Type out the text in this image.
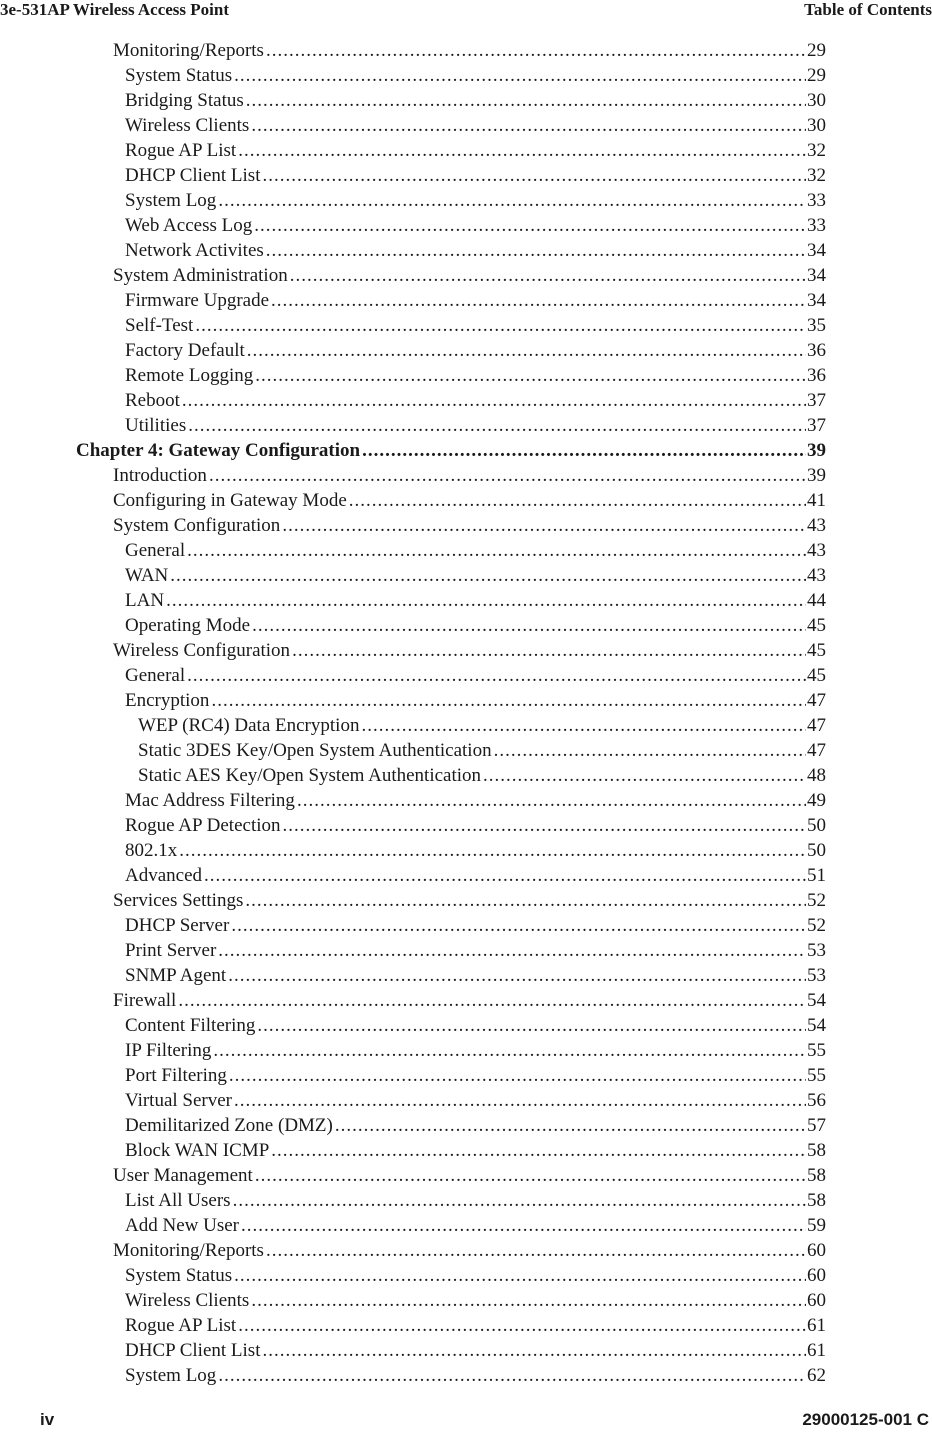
3e-531AP Wireless Access Point	Table of Contents
Monitoring/Reports .....	29
System Status .....	29
Bridging Status .....	30
Wireless Clients .....	30
Rogue AP List .....	32
DHCP Client List .....	32
System Log .....	33
Web Access Log .....	33
Network Activites .....	34
System Administration .....	34
Firmware Upgrade .....	34
Self-Test .....	35
Factory Default .....	36
Remote Logging .....	36
Reboot .....	37
Utilities .....	37
Chapter 4: Gateway Configuration .....	39
Introduction .....	39
Configuring in Gateway Mode .....	41
System Configuration .....	43
General .....	43
WAN .....	43
LAN .....	44
Operating Mode .....	45
Wireless Configuration .....	45
General .....	45
Encryption .....	47
WEP (RC4) Data Encryption .....	47
Static 3DES Key/Open System Authentication .....	47
Static AES Key/Open System Authentication .....	48
Mac Address Filtering .....	49
Rogue AP Detection .....	50
802.1x .....	50
Advanced .....	51
Services Settings .....	52
DHCP Server .....	52
Print Server .....	53
SNMP Agent .....	53
Firewall .....	54
Content Filtering .....	54
IP Filtering .....	55
Port Filtering .....	55
Virtual Server .....	56
Demilitarized Zone (DMZ) .....	57
Block WAN ICMP .....	58
User Management .....	58
List All Users .....	58
Add New User .....	59
Monitoring/Reports .....	60
System Status .....	60
Wireless Clients .....	60
Rogue AP List .....	61
DHCP Client List .....	61
System Log .....	62
iv	29000125-001 C
